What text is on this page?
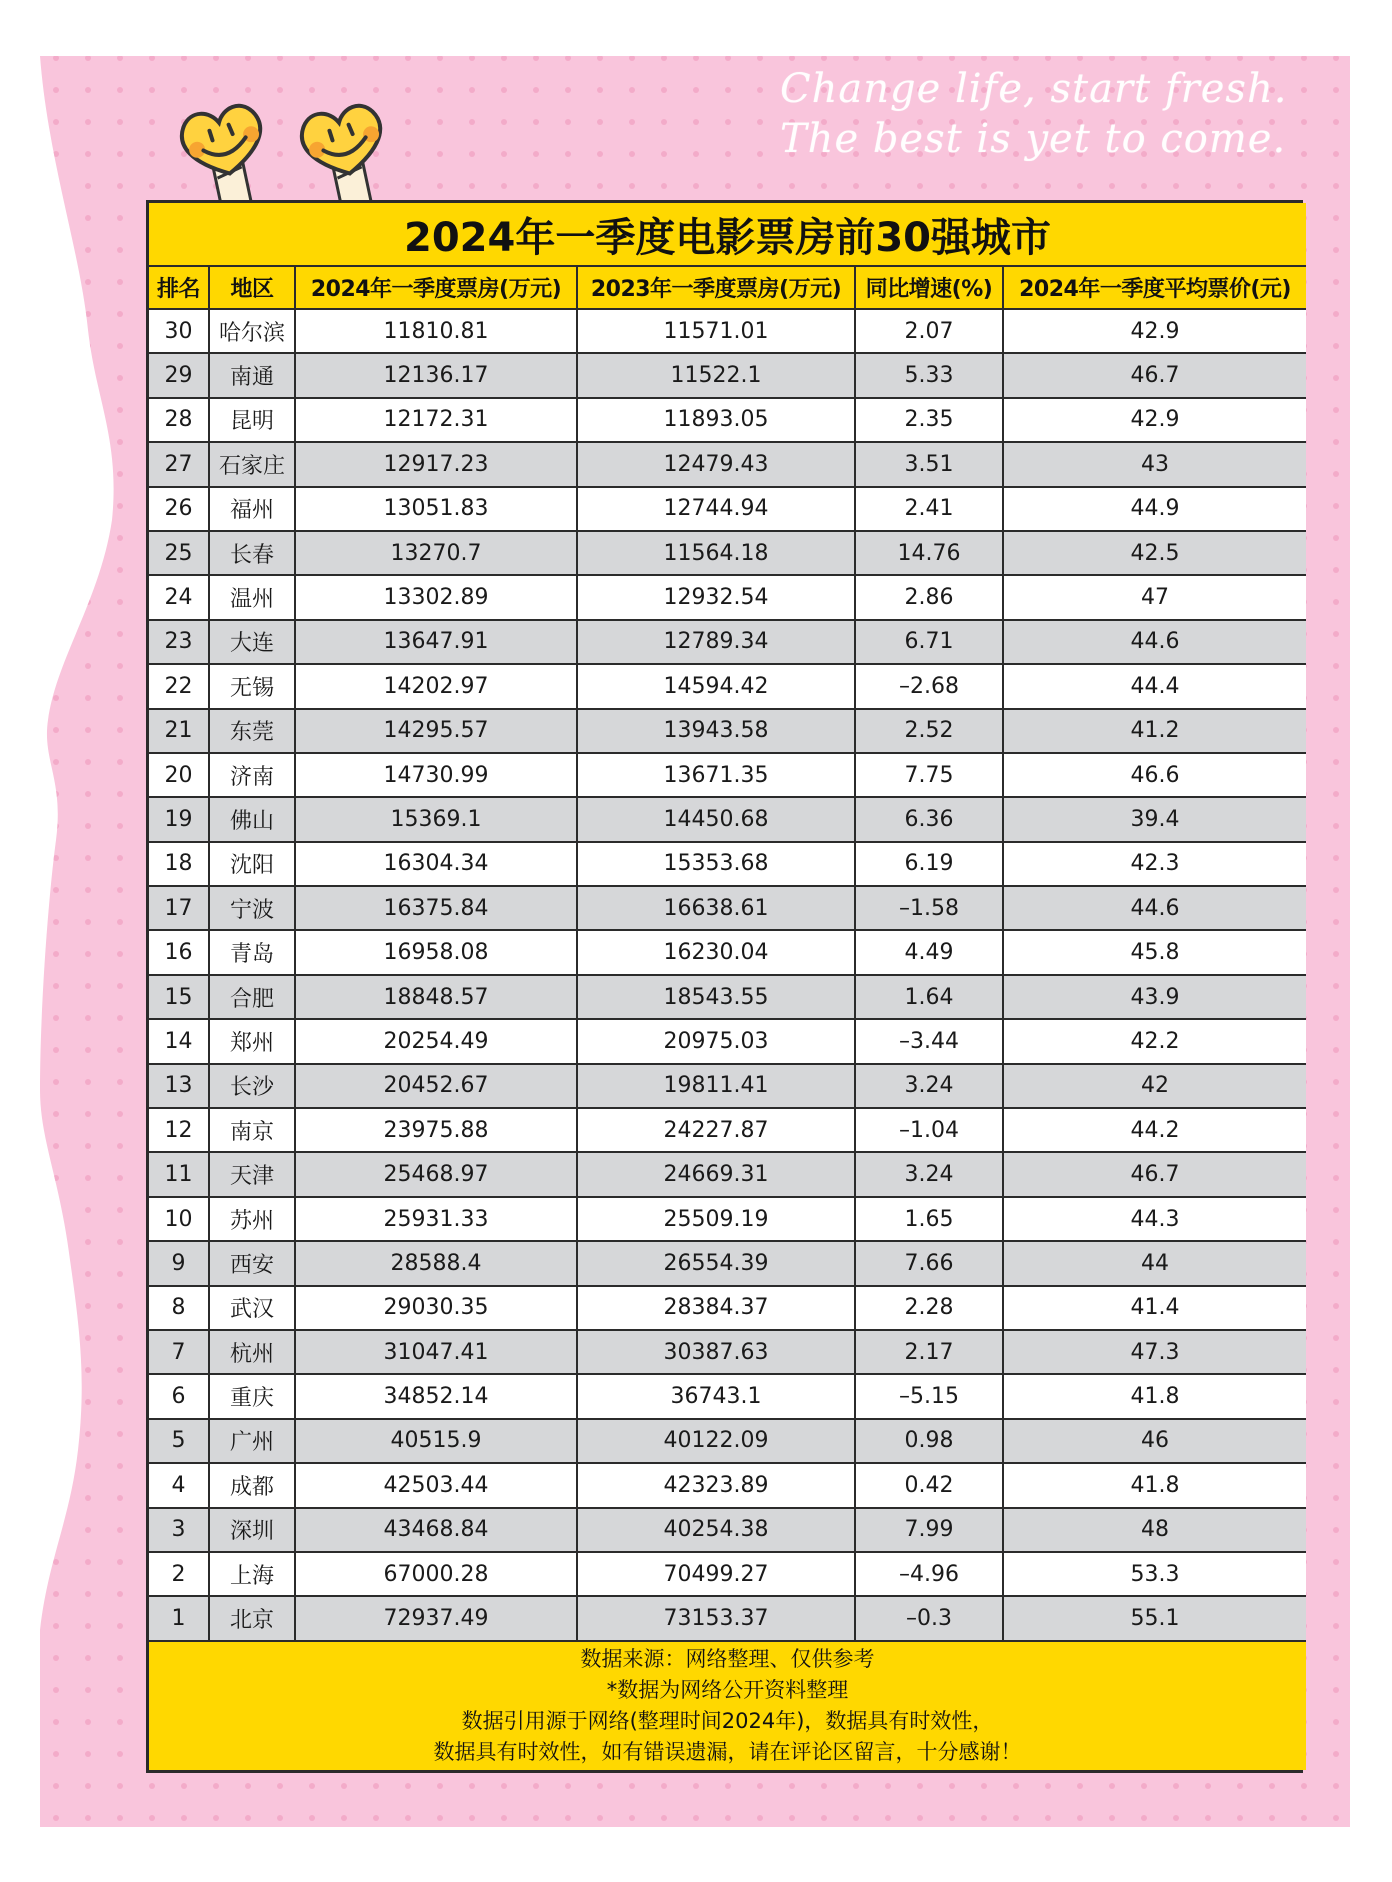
Change life, start fresh.
The best is yet to come.
2024年一季度电影票房前30强城市					
排名	地区	2024年一季度票房(万元)	2023年一季度票房(万元)	同比增速(%)	2024年一季度平均票价(元)
30	哈尔滨	11810.81	11571.01	2.07	42.9
29	南通	12136.17	11522.1	5.33	46.7
28	昆明	12172.31	11893.05	2.35	42.9
27	石家庄	12917.23	12479.43	3.51	43
26	福州	13051.83	12744.94	2.41	44.9
25	长春	13270.7	11564.18	14.76	42.5
24	温州	13302.89	12932.54	2.86	47
23	大连	13647.91	12789.34	6.71	44.6
22	无锡	14202.97	14594.42	–2.68	44.4
21	东莞	14295.57	13943.58	2.52	41.2
20	济南	14730.99	13671.35	7.75	46.6
19	佛山	15369.1	14450.68	6.36	39.4
18	沈阳	16304.34	15353.68	6.19	42.3
17	宁波	16375.84	16638.61	–1.58	44.6
16	青岛	16958.08	16230.04	4.49	45.8
15	合肥	18848.57	18543.55	1.64	43.9
14	郑州	20254.49	20975.03	–3.44	42.2
13	长沙	20452.67	19811.41	3.24	42
12	南京	23975.88	24227.87	–1.04	44.2
11	天津	25468.97	24669.31	3.24	46.7
10	苏州	25931.33	25509.19	1.65	44.3
9	西安	28588.4	26554.39	7.66	44
8	武汉	29030.35	28384.37	2.28	41.4
7	杭州	31047.41	30387.63	2.17	47.3
6	重庆	34852.14	36743.1	–5.15	41.8
5	广州	40515.9	40122.09	0.98	46
4	成都	42503.44	42323.89	0.42	41.8
3	深圳	43468.84	40254.38	7.99	48
2	上海	67000.28	70499.27	–4.96	53.3
1	北京	72937.49	73153.37	–0.3	55.1

数据来源：网络整理、仅供参考
*数据为网络公开资料整理
数据引用源于网络(整理时间2024年)，数据具有时效性，
数据具有时效性，如有错误遗漏，请在评论区留言，十分感谢！					
